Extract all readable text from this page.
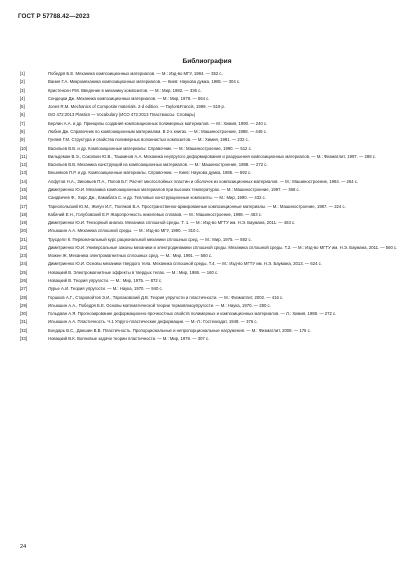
ГОСТ Р 57788.42—2023
Библиография
[1]	Победря Б.Е. Механика композиционных материалов. — М.: Изд-во МГУ, 1984. — 352 с.
[2]	Ванин Г.А. Микромеханика композиционных материалов. — Киев: Наукова думка, 1985. — 304 с.
[3]	Кристенсен Р.М. Введение в механику композитов. — М.: Мир, 1982. — 336 с.
[4]	Сендецки Дж. Механика композиционных материалов. — М.: Мир, 1978. — 564 с.
[5]	Jones R.M. Mechanics of Composite materials. 2-d edition. — Taylor&Francis, 1999. — 519 p.
[6]	ISO 472:2013 Plastics — Vocabulary (ИСО 472:2013 Пластмассы. Словарь)
[7]	Берлин А.А. и др. Принципы создания композиционных полимерных материалов. — М.: Химия, 1990. — 240 с.
[8]	Любин Дж. Справочник по композиционным материалам. В 2-х книгах. — М.: Машиностроение, 1988. — 448 с.
[9]	Гуняев Г.М. Структура и свойства полимерных волокнистых композитов. — М.: Химия, 1981. — 232 с.
[10]	Васильев В.В. и др. Композиционные материалы: Справочник. — М.: Машиностроение, 1990. — 512 с.
[11]	Вильдеман В.Э., Соколкин Ю.В., Ташкинов А.А. Механика неупругого деформирования и разрушения композиционных материалов. — М.: Физматлит, 1997. — 288 с.
[12]	Васильев В.В. Механика конструкций из композиционных материалов. — М.: Машиностроение, 1988. — 272 с.
[13]	Вешняков П.Р. и др. Композиционные материалы. Справочник. — Киев: Наукова думка, 1985. — 592 с.
[14]	Алфутов Н.А., Зиновьев П.А., Попов Б.Г. Расчет многослойных пластин и оболочек из композиционных материалов. — М.: Машиностроение, 1984. — 264 с.
[15]	Димитриенко Ю.И. Механика композиционных материалов при высоких температурах. — М.: Машиностроение, 1997. — 368 с.
[16]	Сандвичев Ф., Хирс Дж., Камабата С. и др. Тепловые конструкционные композиты. — М.: Мир, 1990. — 432 с.
[17]	Тарнопольский Ю.М., Жигун И.Г., Поляков В.А. Пространственно-армированные композиционные материалы. — М.: Машиностроение, 1987. — 224 с.
[18]	Кабачий Е.Н., Голубовский Е.Р. Жаропрочность никелевых сплавов. — М.: Машиностроение, 1998. — 463 с.
[19]	Димитриенко Ю.И. Тензорный анализ. Механика сплошной среды. Т. 1. — М.: Изд-во МГТУ им. Н.Э. Баумана, 2011. — 463 с.
[20]	Ильюшин А.А. Механика сплошной среды. — М.: Изд-во МГУ, 1990. — 310 с.
[21]	Трусделл К. Первоначальный курс рациональной механики сплошных сред. — М.: Мир, 1975. — 592 с.
[22]	Димитриенко Ю.И. Универсальные законы механики и электродинамики сплошной среды. Механика сплошной среды. Т.2. — М.: Изд-во МГТУ им. Н.Э. Баумана, 2011. — 560 с.
[23]	Можен Ж. Механика электромагнитных сплошных сред. — М.: Мир, 1991. — 560 с.
[24]	Димитриенко Ю.И. Основы механики твердого тела. Механика сплошной среды. Т.4. — М.: Изд-во МГТУ им. Н.Э. Баумана, 2013. — 624 с.
[25]	Новацкий В. Электромагнитные эффекты в твердых телах. — М.: Мир, 1986. — 160 с.
[26]	Новацкий В. Теория упругости. — М.: Мир, 1975. — 872 с.
[27]	Лурье А.И. Теория упругости. — М.: Наука, 1970. — 940 с.
[28]	Горшков А.Г., Старовойтов Э.И., Тарлаковский Д.В. Теория упругости и пластичности. — М.: Физматлит, 2002. — 416 с.
[29]	Ильюшин А.А., Победря Б.Е. Основы математической теории термовязкоупругости. — М.: Наука, 1970. — 280 с.
[30]	Гольдман А.Я. Прогнозирование деформационно-прочностных свойств полимерных и композиционных материалов. — Л.: Химия, 1988. — 272 с.
[31]	Ильюшин А.А. Пластичность. Ч.1 Упруго-пластические деформации. — М.-Л.: Гостехиздат, 1948. — 376 с.
[32]	Бондарь В.С., Даншин В.В. Пластичность. Пропорциональные и непропорциональные нагружения. — М.: Физматлит, 2008. — 176 с.
[33]	Новацкий В.К. Волновые задачи теории пластичности. — М.: Мир, 1978. — 307 с.
24
